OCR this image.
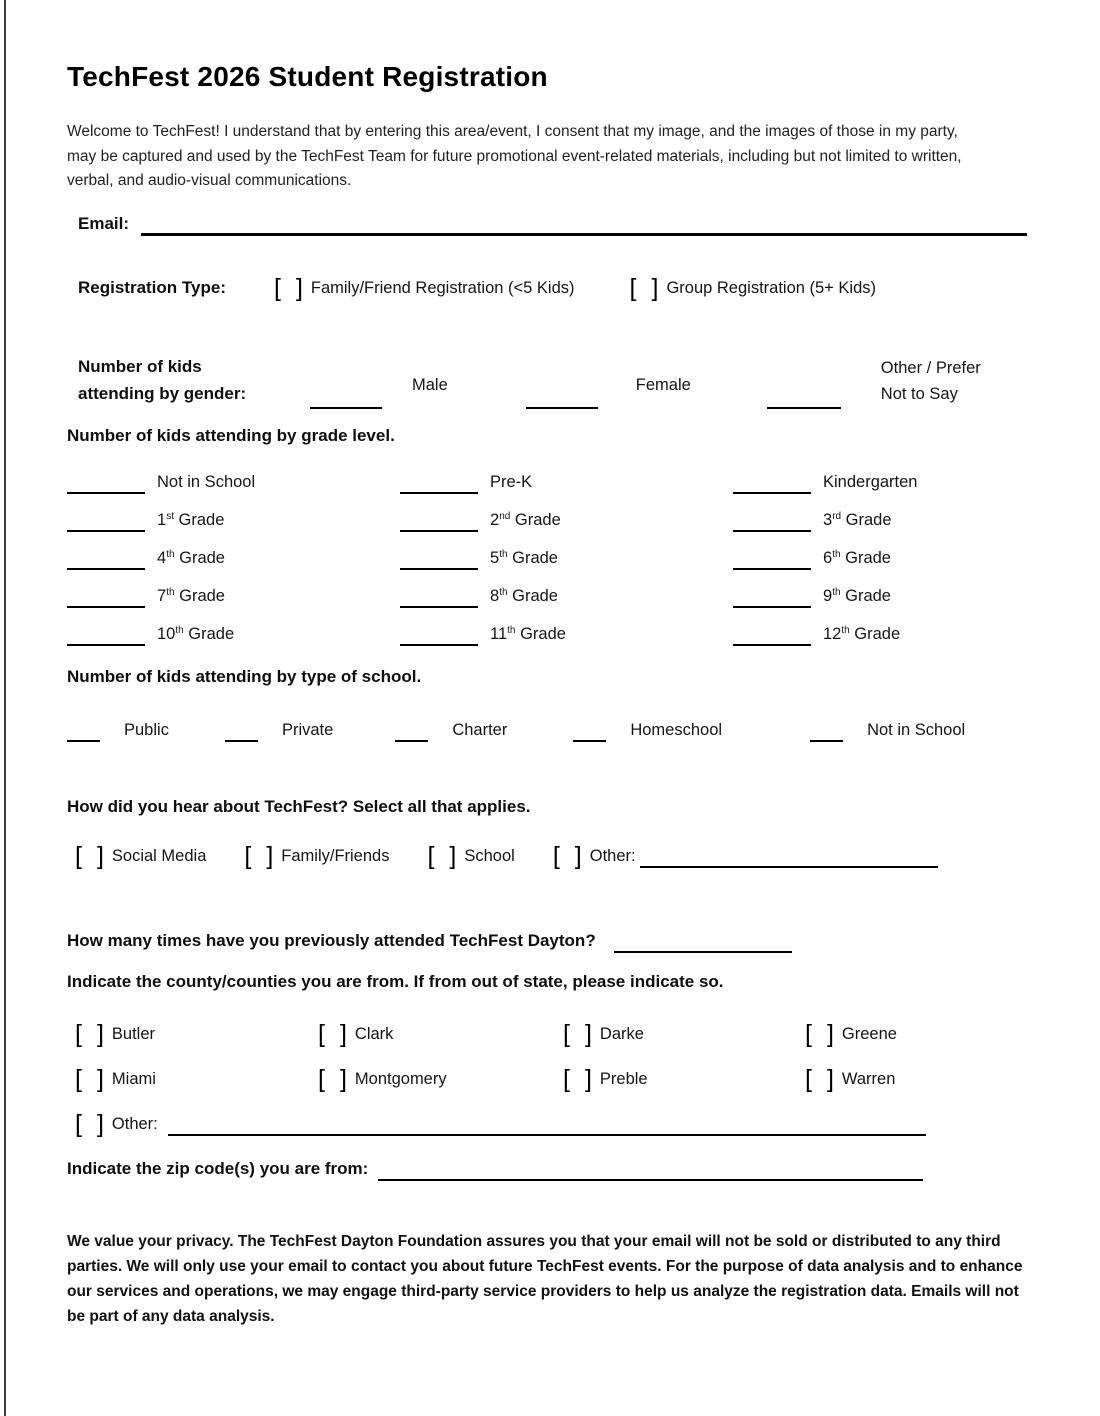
TechFest 2026 Student Registration
Welcome to TechFest! I understand that by entering this area/event, I consent that my image, and the images of those in my party,
may be captured and used by the TechFest Team for future promotional event-related materials, including but not limited to written,
verbal, and audio-visual communications.
Email:
Registration Type: [ ] Family/Friend Registration (<5 Kids) [ ] Group Registration (5+ Kids)
Number of kids
attending by gender:	Male	Female
Other / Prefer
Not to Say
Number of kids attending by grade level.
Not in School	Pre-K	Kindergarten
1st Grade	2nd Grade	3rd Grade
4th Grade	5th Grade	6th Grade
7th Grade	8th Grade	9th Grade
10th Grade	11th Grade	12th Grade
Number of kids attending by type of school.
Public	Private	Charter	Homeschool	Not in School
How did you hear about TechFest? Select all that applies.
[ ] Social Media [ ] Family/Friends [ ] School [ ] Other:
How many times have you previously attended TechFest Dayton?
Indicate the county/counties you are from. If from out of state, please indicate so.
[ ] Butler	[ ] Clark	[ ] Darke	[ ] Greene
[ ] Miami	[ ] Montgomery	[ ] Preble	[ ] Warren
[ ] Other:
Indicate the zip code(s) you are from:
We value your privacy. The TechFest Dayton Foundation assures you that your email will not be sold or distributed to any third
parties. We will only use your email to contact you about future TechFest events. For the purpose of data analysis and to enhance
our services and operations, we may engage third-party service providers to help us analyze the registration data. Emails will not
be part of any data analysis.
